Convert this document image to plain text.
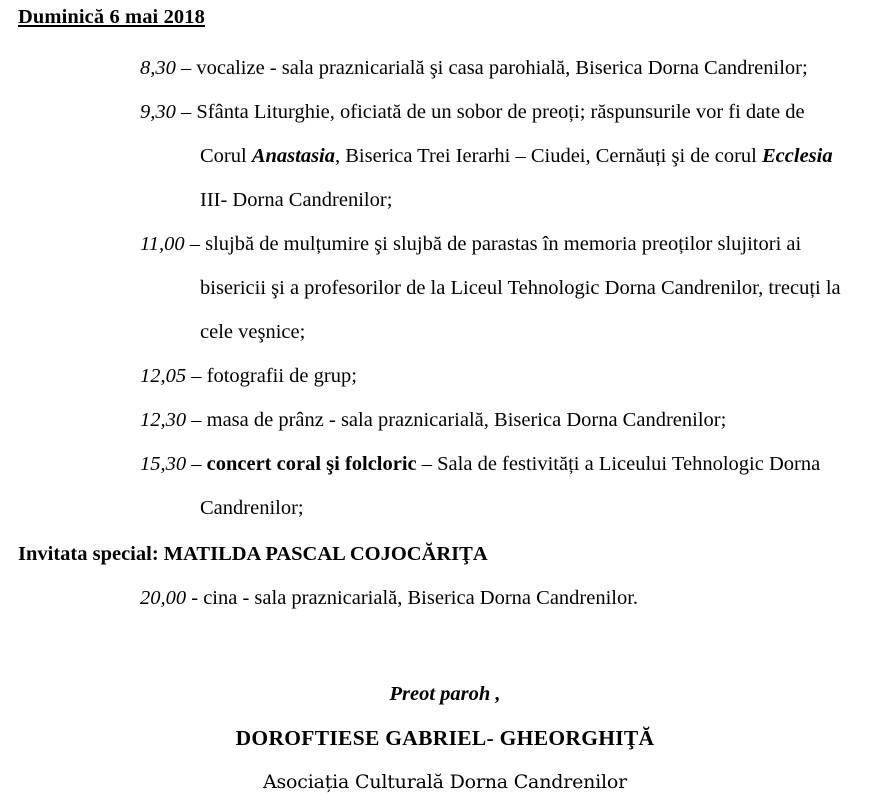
Duminică 6 mai 2018

8,30 – vocalize - sala praznicarială şi casa parohială, Biserica Dorna Candrenilor;

9,30 – Sfânta Liturghie, oficiată de un sobor de preoți; răspunsurile vor fi date de Corul Anastasia, Biserica Trei Ierarhi – Ciudei, Cernăuți şi de corul Ecclesia III- Dorna Candrenilor;

11,00 – slujbă de mulțumire şi slujbă de parastas în memoria preoților slujitori ai bisericii şi a profesorilor de la Liceul Tehnologic Dorna Candrenilor, trecuți la cele veşnice;

12,05 – fotografii de grup;

12,30 – masa de prânz - sala praznicarială, Biserica Dorna Candrenilor;

15,30 – concert coral şi folcloric – Sala de festivități a Liceului Tehnologic Dorna Candrenilor;

Invitata special: MATILDA PASCAL COJOCĂRIŢA
20,00 - cina - sala praznicarială, Biserica Dorna Candrenilor.
Preot paroh ,
DOROFTIESE GABRIEL- GHEORGHIŢĂ
Asociația Culturală Dorna Candrenilor
